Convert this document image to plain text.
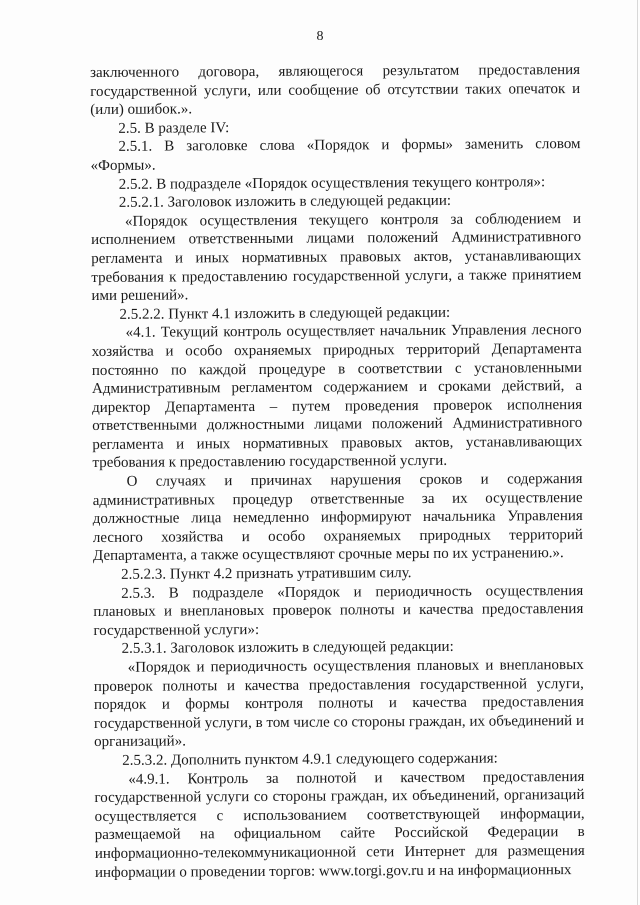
8

заключенного договора, являющегося результатом предоставления государственной услуги, или сообщение об отсутствии таких опечаток и (или) ошибок.».

2.5. В разделе IV:

2.5.1. В заголовке слова «Порядок и формы» заменить словом «Формы».

2.5.2. В подразделе «Порядок осуществления текущего контроля»:

2.5.2.1. Заголовок изложить в следующей редакции:

«Порядок осуществления текущего контроля за соблюдением и исполнением ответственными лицами положений Административного регламента и иных нормативных правовых актов, устанавливающих требования к предоставлению государственной услуги, а также принятием ими решений».

2.5.2.2. Пункт 4.1 изложить в следующей редакции:

«4.1. Текущий контроль осуществляет начальник Управления лесного хозяйства и особо охраняемых природных территорий Департамента постоянно по каждой процедуре в соответствии с установленными Административным регламентом содержанием и сроками действий, а директор Департамента – путем проведения проверок исполнения ответственными должностными лицами положений Административного регламента и иных нормативных правовых актов, устанавливающих требования к предоставлению государственной услуги.

О случаях и причинах нарушения сроков и содержания административных процедур ответственные за их осуществление должностные лица немедленно информируют начальника Управления лесного хозяйства и особо охраняемых природных территорий Департамента, а также осуществляют срочные меры по их устранению.».

2.5.2.3. Пункт 4.2 признать утратившим силу.

2.5.3. В подразделе «Порядок и периодичность осуществления плановых и внеплановых проверок полноты и качества предоставления государственной услуги»:

2.5.3.1. Заголовок изложить в следующей редакции:

«Порядок и периодичность осуществления плановых и внеплановых проверок полноты и качества предоставления государственной услуги, порядок и формы контроля полноты и качества предоставления государственной услуги, в том числе со стороны граждан, их объединений и организаций».

2.5.3.2. Дополнить пунктом 4.9.1 следующего содержания:

«4.9.1. Контроль за полнотой и качеством предоставления государственной услуги со стороны граждан, их объединений, организаций осуществляется с использованием соответствующей информации, размещаемой на официальном сайте Российской Федерации в информационно-телекоммуникационной сети Интернет для размещения информации о проведении торгов: www.torgi.gov.ru и на информационных
